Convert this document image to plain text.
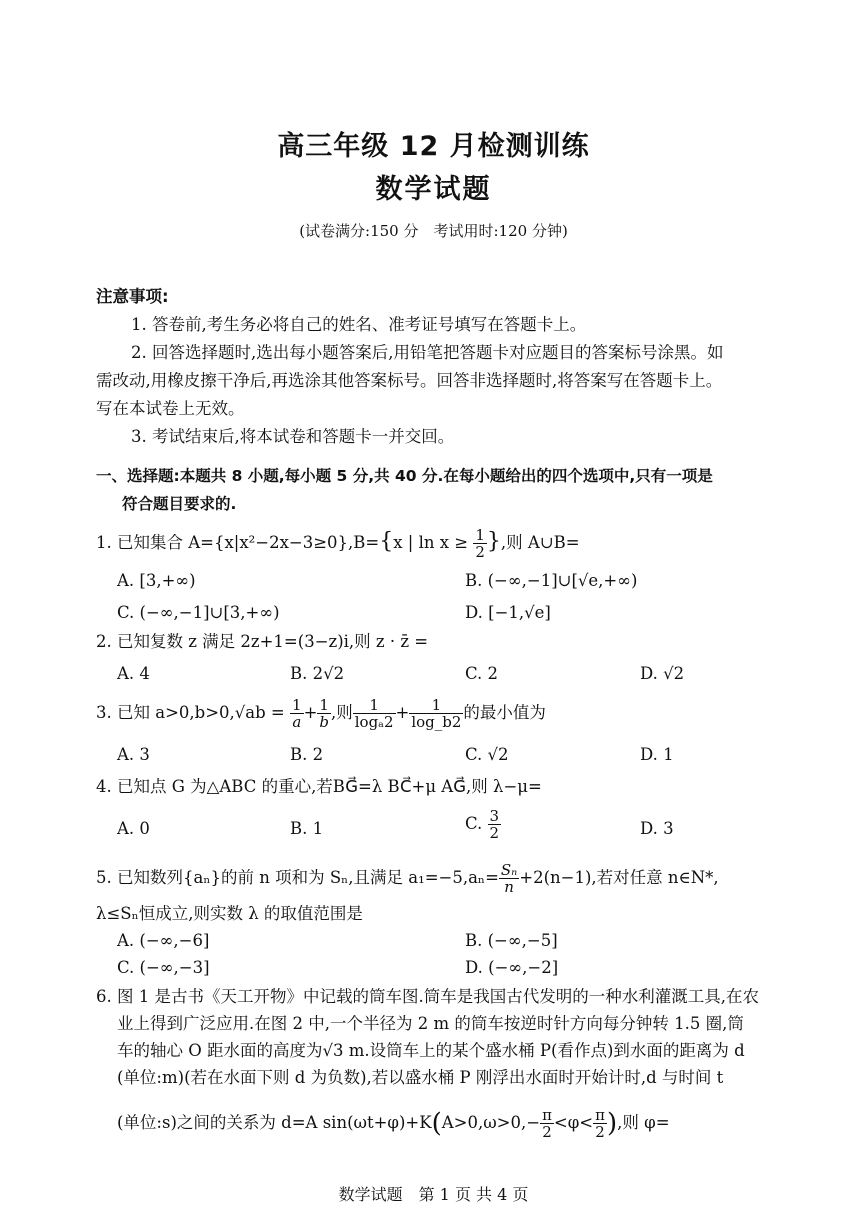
高三年级 12 月检测训练
数学试题
(试卷满分:150 分　考试用时:120 分钟)
注意事项:
1. 答卷前,考生务必将自己的姓名、准考证号填写在答题卡上。
2. 回答选择题时,选出每小题答案后,用铅笔把答题卡对应题目的答案标号涂黑。如
需改动,用橡皮擦干净后,再选涂其他答案标号。回答非选择题时,将答案写在答题卡上。
写在本试卷上无效。
3. 考试结束后,将本试卷和答题卡一并交回。
一、选择题:本题共 8 小题,每小题 5 分,共 40 分.在每小题给出的四个选项中,只有一项是
符合题目要求的.
1. 已知集合 A={x|x²−2x−3≥0},B={x | $\ln x \ge \frac{1}{2}$ },则 A∪B=
A. [3,+∞)	B. (−∞,−1]∪[√e,+∞)
C. (−∞,−1]∪[3,+∞)	D. [−1,√e]
2. 已知复数 z 满足 2z+1=(3−z)i,则 z · z̄ =
A. 4	B. 2√2	C. 2	D. √2
3. 已知 $a>0,b>0,√ab = \frac{1}{a} + \frac{1}{b}$ ,则 $\frac{1}{\text{logₐ2}} + \frac{1}{\log\_b2}$ 的最小值为
A. 3	B. 2	C. √2	D. 1
4. 已知点 G 为△ABC 的重心,若BG⃗=λ BC⃗+μ AG⃗,则 λ−μ=
A. 0	B. 1	C. $\frac{3}{2}$	D. 3
5. 已知数列{aₙ}的前 n 项和为 Sₙ,且满足 $a_1=-5,a_n= \frac{\text{Sₙ}}{n} +2(n-1)$,若对任意 n∈N*,
λ≤Sₙ恒成立,则实数 λ 的取值范围是
A. (−∞,−6]	B. (−∞,−5]
C. (−∞,−3]	D. (−∞,−2]
6. 图 1 是古书《天工开物》中记载的筒车图.筒车是我国古代发明的一种水利灌溉工具,在农
业上得到广泛应用.在图 2 中,一个半径为 2 m 的筒车按逆时针方向每分钟转 1.5 圈,筒
车的轴心 O 距水面的高度为√3 m.设筒车上的某个盛水桶 P(看作点)到水面的距离为 d
(单位:m)(若在水面下则 d 为负数),若以盛水桶 P 刚浮出水面时开始计时,d 与时间 t
(单位:s)之间的关系为 d=A $\sin(\omega t+\varphi)+K(A>0,\omega>0,- \frac{\pi}{2} <\varphi< \frac{\pi}{2}$ ),则 φ=
数学试题　第 1 页 共 4 页
